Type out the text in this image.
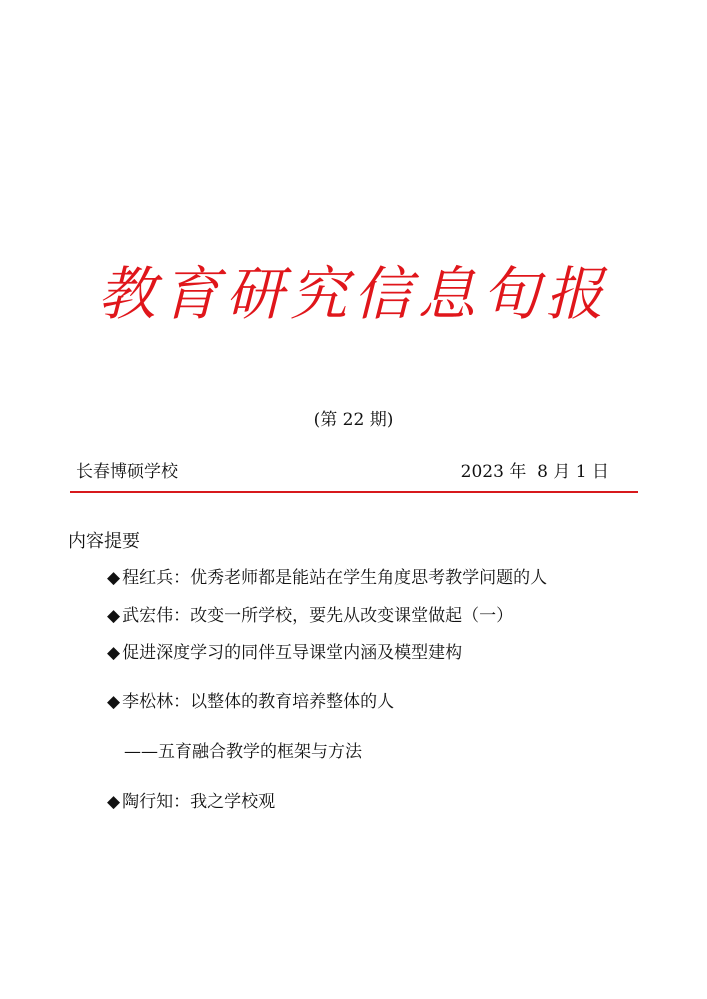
教育研究信息旬报
(第 22 期)
长春博硕学校	2023 年  8 月 1 日
内容提要
◆ 程红兵：优秀老师都是能站在学生角度思考教学问题的人
◆ 武宏伟：改变一所学校，要先从改变课堂做起（一）
◆ 促进深度学习的同伴互导课堂内涵及模型建构
◆ 李松林：以整体的教育培养整体的人
——五育融合教学的框架与方法
◆ 陶行知：我之学校观
